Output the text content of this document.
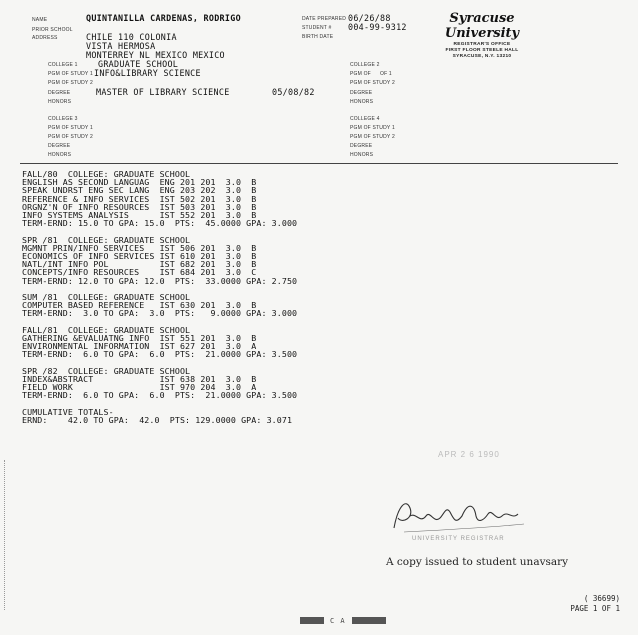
NAME	QUINTANILLA CARDENAS, RODRIGO
PRIOR SCHOOL
ADDRESS	CHILE 110 COLONIA
VISTA HERMOSA
MONTERREY NL MEXICO MEXICO
COLLEGE 1 GRADUATE SCHOOL
PGM OF STUDY 1 INFO&LIBRARY SCIENCE
PGM OF STUDY 2
DEGREE	MASTER OF LIBRARY SCIENCE	05/08/82
HONORS
COLLEGE 3
PGM OF STUDY 1
PGM OF STUDY 2
DEGREE
HONORS
DATE PREPARED 06/26/88
STUDENT # 004-99-9312
BIRTH DATE
COLLEGE 2
PGM OF OF 1
PGM OF STUDY 2
DEGREE
HONORS
COLLEGE 4
PGM OF STUDY 1
PGM OF STUDY 2
DEGREE
HONORS
Syracuse University
REGISTRAR'S OFFICE
FIRST FLOOR STEELE HALL
SYRACUSE, N.Y. 13210
FALL/80  COLLEGE: GRADUATE SCHOOL
ENGLISH AS SECOND LANGUAG  ENG 201 201  3.0  B
SPEAK UNDRST ENG SEC LANG  ENG 203 202  3.0  B
REFERENCE & INFO SERVICES  IST 502 201  3.0  B
ORGNZ'N OF INFO RESOURCES  IST 503 201  3.0  B
INFO SYSTEMS ANALYSIS      IST 552 201  3.0  B
TERM-ERND: 15.0 TO GPA: 15.0  PTS:  45.0000 GPA: 3.000
SPR /81  COLLEGE: GRADUATE SCHOOL
MGMNT PRIN/INFO SERVICES   IST 506 201  3.0  B
ECONOMICS OF INFO SERVICES IST 610 201  3.0  B
NATL/INT INFO POL          IST 682 201  3.0  B
CONCEPTS/INFO RESOURCES    IST 684 201  3.0  C
TERM-ERND: 12.0 TO GPA: 12.0  PTS:  33.0000 GPA: 2.750
SUM /81  COLLEGE: GRADUATE SCHOOL
COMPUTER BASED REFERENCE   IST 630 201  3.0  B
TERM-ERND:  3.0 TO GPA:  3.0  PTS:   9.0000 GPA: 3.000
FALL/81  COLLEGE: GRADUATE SCHOOL
GATHERING &EVALUATNG INFO  IST 551 201  3.0  B
ENVIRONMENTAL INFORMATION  IST 627 201  3.0  A
TERM-ERND:  6.0 TO GPA:  6.0  PTS:  21.0000 GPA: 3.500
SPR /82  COLLEGE: GRADUATE SCHOOL
INDEX&ABSTRACT             IST 638 201  3.0  B
FIELD WORK                 IST 970 204  3.0  A
TERM-ERND:  6.0 TO GPA:  6.0  PTS:  21.0000 GPA: 3.500
CUMULATIVE TOTALS-
ERND:    42.0 TO GPA:  42.0  PTS: 129.0000 GPA: 3.071
APR 2 6 1990
UNIVERSITY REGISTRAR
A copy issued to student unavsary
( 36699)
PAGE 1 OF 1
C A
